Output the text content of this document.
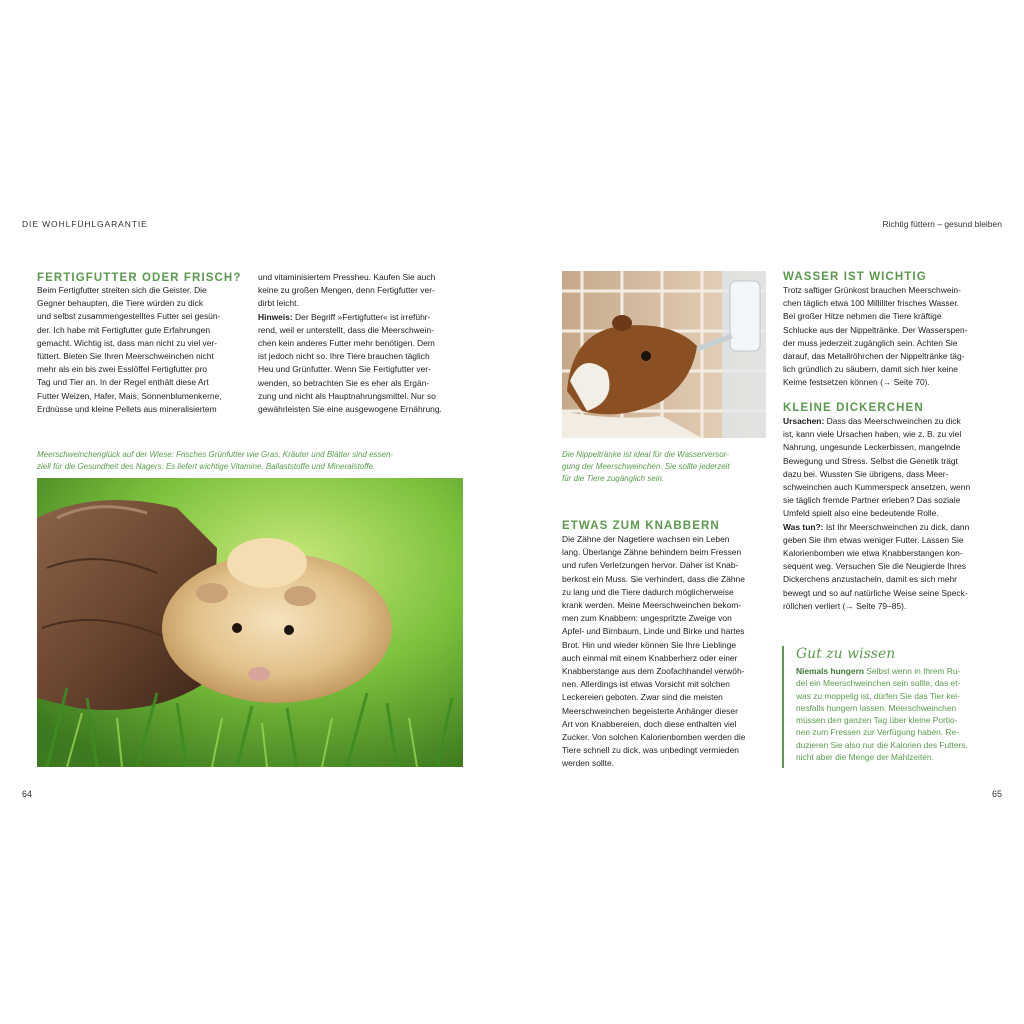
DIE WOHLFÜHLGARANTIE	Richtig füttern – gesund bleiben
FERTIGFUTTER ODER FRISCH?
Beim Fertigfutter streiten sich die Geister. Die
Gegner behaupten, die Tiere würden zu dick
und selbst zusammengestelltes Futter sei gesün-
der. Ich habe mit Fertigfutter gute Erfahrungen
gemacht. Wichtig ist, dass man nicht zu viel ver-
füttert. Bieten Sie Ihren Meerschweinchen nicht
mehr als ein bis zwei Esslöffel Fertigfutter pro
Tag und Tier an. In der Regel enthält diese Art
Futter Weizen, Hafer, Mais, Sonnenblumenkerne,
Erdnüsse und kleine Pellets aus mineralisiertem
und vitaminisiertem Pressheu. Kaufen Sie auch
keine zu großen Mengen, denn Fertigfutter ver-
dirbt leicht.
Hinweis: Der Begriff »Fertigfutter« ist irreführ-
rend, weil er unterstellt, dass die Meerschwein-
chen kein anderes Futter mehr benötigen. Dem
ist jedoch nicht so. Ihre Tiere brauchen täglich
Heu und Grünfutter. Wenn Sie Fertigfutter ver-
wenden, so betrachten Sie es eher als Ergän-
zung und nicht als Hauptnahrungsmittel. Nur so
gewährleisten Sie eine ausgewogene Ernährung.
Meerschweinchenglück auf der Wiese: Frisches Grünfutter wie Gras, Kräuter und Blätter sind essen-
ziell für die Gesundheit des Nagers. Es liefert wichtige Vitamine, Ballaststoffe und Mineralstoffe.
64
Die Nippeltränke ist ideal für die Wasserversor-
gung der Meerschweinchen. Sie sollte jederzeit
für die Tiere zugänglich sein.
ETWAS ZUM KNABBERN
Die Zähne der Nagetiere wachsen ein Leben
lang. Überlange Zähne behindern beim Fressen
und rufen Verletzungen hervor. Daher ist Knab-
berkost ein Muss. Sie verhindert, dass die Zähne
zu lang und die Tiere dadurch möglicherweise
krank werden. Meine Meerschweinchen bekom-
men zum Knabbern: ungespritzte Zweige von
Apfel- und Birnbaum, Linde und Birke und hartes
Brot. Hin und wieder können Sie Ihre Lieblinge
auch einmal mit einem Knabberherz oder einer
Knabberstange aus dem Zoofachhandel verwöh-
nen. Allerdings ist etwas Vorsicht mit solchen
Leckereien geboten. Zwar sind die meisten
Meerschweinchen begeisterte Anhänger dieser
Art von Knabbereien, doch diese enthalten viel
Zucker. Von solchen Kalorienbomben werden die
Tiere schnell zu dick, was unbedingt vermieden
werden sollte.
WASSER IST WICHTIG
Trotz saftiger Grünkost brauchen Meerschwein-
chen täglich etwa 100 Milliliter frisches Wasser.
Bei großer Hitze nehmen die Tiere kräftige
Schlucke aus der Nippeltränke. Der Wasserspen-
der muss jederzeit zugänglich sein. Achten Sie
darauf, das Metallröhrchen der Nippeltränke täg-
lich gründlich zu säubern, damit sich hier keine
Keime festsetzen können (→ Seite 70).
KLEINE DICKERCHEN
Ursachen: Dass das Meerschweinchen zu dick
ist, kann viele Ursachen haben, wie z. B. zu viel
Nahrung, ungesunde Leckerbissen, mangelnde
Bewegung und Stress. Selbst die Genetik trägt
dazu bei. Wussten Sie übrigens, dass Meer-
schweinchen auch Kummerspeck ansetzen, wenn
sie täglich fremde Partner erleben? Das soziale
Umfeld spielt also eine bedeutende Rolle.
Was tun?: Ist Ihr Meerschweinchen zu dick, dann
geben Sie ihm etwas weniger Futter. Lassen Sie
Kalorienbomben wie etwa Knabberstangen kon-
sequent weg. Versuchen Sie die Neugierde Ihres
Dickerchens anzustacheln, damit es sich mehr
bewegt und so auf natürliche Weise seine Speck-
röllchen verliert (→ Seite 79–85).
Gut zu wissen
Niemals hungern Selbst wenn in Ihrem Ru-
del ein Meerschweinchen sein sollte, das et-
was zu moppelig ist, dürfen Sie das Tier kei-
nesfalls hungern lassen. Meerschweinchen
müssen den ganzen Tag über kleine Portio-
nen zum Fressen zur Verfügung haben. Re-
duzieren Sie also nur die Kalorien des Futters,
nicht aber die Menge der Mahlzeiten.
65
